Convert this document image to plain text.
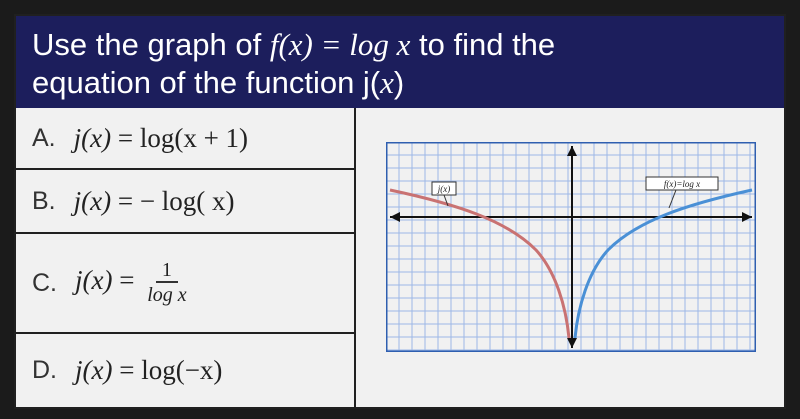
Use the graph of f(x) = log x to find the
equation of the function j(x)
A. j(x) = log(x + 1)
B. j(x) = − log( x)
C. $j(x) = \frac{1}{\text{log x}}$
D. j(x) = log(−x)
j(x)	f(x)=log x
